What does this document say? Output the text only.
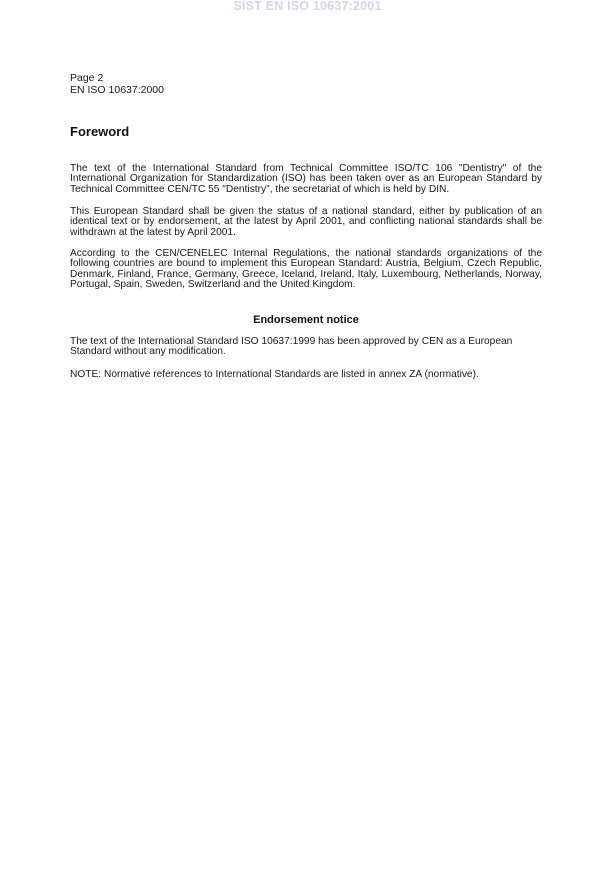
SIST EN ISO 10637:2001
Page 2
EN ISO 10637:2000
Foreword
The text of the International Standard from Technical Committee ISO/TC 106 "Dentistry" of the International Organization for Standardization (ISO) has been taken over as an European Standard by Technical Committee CEN/TC 55 "Dentistry", the secretariat of which is held by DIN.
This European Standard shall be given the status of a national standard, either by publication of an identical text or by endorsement, at the latest by April 2001, and conflicting national standards shall be withdrawn at the latest by April 2001.
According to the CEN/CENELEC Internal Regulations, the national standards organizations of the following countries are bound to implement this European Standard: Austria, Belgium, Czech Republic, Denmark, Finland, France, Germany, Greece, Iceland, Ireland, Italy, Luxembourg, Netherlands, Norway, Portugal, Spain, Sweden, Switzerland and the United Kingdom.
Endorsement notice
The text of the International Standard ISO 10637:1999 has been approved by CEN as a European Standard without any modification.
NOTE: Normative references to International Standards are listed in annex ZA (normative).
